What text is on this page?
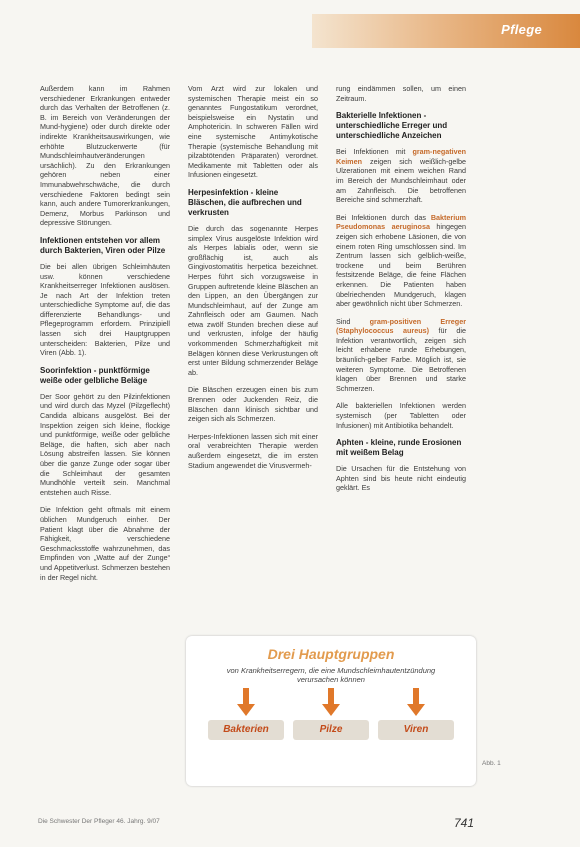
Pflege

Außerdem kann im Rahmen verschiedener Erkrankungen entweder durch das Verhalten der Betroffenen (z. B. im Bereich von Veränderungen der Mund-hygiene) oder durch direkte oder indirekte Krankheitsauswirkungen, wie erhöhte Blutzuckerwerte (für Mundschleimhautveränderungen ursächlich). Zu den Erkrankungen gehören neben einer Immunabwehrschwäche, die durch verschiedene Faktoren bedingt sein kann, auch andere Tumorerkrankungen, Demenz, Morbus Parkinson und depressive Störungen.

Infektionen entstehen vor allem durch Bakterien, Viren oder Pilze

Die bei allen übrigen Schleimhäuten usw. können verschiedene Krankheitserreger Infektionen auslösen. Je nach Art der Infektion treten unterschiedliche Symptome auf, die das differenzierte Behandlungs- und Pflegeprogramm erfordern. Prinzipiell lassen sich drei Hauptgruppen unterscheiden: Bakterien, Pilze und Viren (Abb. 1).

Soorinfektion - punktförmige weiße oder gelbliche Beläge

Der Soor gehört zu den Pilzinfektionen und wird durch das Myzel (Pilzgeflecht) Candida albicans ausgelöst. Bei der Inspektion zeigen sich kleine, flockige und punktförmige, weiße oder gelbliche Beläge, die haften, sich aber nach Lösung abstreifen lassen. Sie können über die ganze Zunge oder sogar über die Schleimhaut der gesamten Mundhöhle verteilt sein. Manchmal entstehen auch Risse.

Die Infektion geht oftmals mit einem üblichen Mundgeruch einher. Der Patient klagt über die Abnahme der Fähigkeit, verschiedene Geschmacksstoffe wahrzunehmen, das Empfinden von „Watte auf der Zunge“ und Appetitverlust. Schmerzen bestehen in der Regel nicht.

Vom Arzt wird zur lokalen und systemischen Therapie meist ein so genanntes Fungostatikum verordnet, beispielsweise ein Nystatin und Amphotericin. In schweren Fällen wird eine systemische Antimykotische Therapie (systemische Behandlung mit pilzabtötenden Präparaten) verordnet. Medikamente mit Tabletten oder als Infusionen eingesetzt.

Herpesinfektion - kleine Bläschen, die aufbrechen und verkrusten

Die durch das sogenannte Herpes simplex Virus ausgelöste Infektion wird als Herpes labialis oder, wenn sie großflächig ist, auch als Gingivostomatitis herpetica bezeichnet. Herpes führt sich vorzugsweise in Gruppen auftretende kleine Bläschen an den Lippen, an den Übergängen zur Mundschleimhaut, auf der Zunge am Zahnfleisch oder am Gaumen. Nach etwa zwölf Stunden brechen diese auf und verkrusten, infolge der häufig vorkommenden Schmerzhaftigkeit mit Belägen können diese Verkrustungen oft erst unter Bildung schmerzender Beläge ab.

Die Bläschen erzeugen einen bis zum Brennen oder Juckenden Reiz, die Bläschen dann klinisch sichtbar und zeigen sich als Schmerzen.

Herpes-Infektionen lassen sich mit einer oral verabreichten Therapie werden außerdem eingesetzt, die im ersten Stadium angewendet die Virusvermeh-

rung eindämmen sollen, um einen Zeitraum.

Bakterielle Infektionen - unterschiedliche Erreger und unterschiedliche Anzeichen

Bei Infektionen mit gram-negativen Keimen zeigen sich weißlich-gelbe Ulzerationen mit einem weichen Rand im Bereich der Mundschleimhaut oder am Zahnfleisch. Die betroffenen Bereiche sind schmerzhaft.

Bei Infektionen durch das Bakterium Pseudomonas aeruginosa hingegen zeigen sich erhobene Läsionen, die von einem roten Ring umschlossen sind. Im Zentrum lassen sich gelblich-weiße, trockene und beim Berühren festsitzende Beläge, die feine Flächen erkennen. Die Patienten haben übelriechenden Mundgeruch, klagen aber gewöhnlich nicht über Schmerzen.

Sind gram-positiven Erreger (Staphylococcus aureus) für die Infektion verantwortlich, zeigen sich leicht erhabene runde Erhebungen, bräunlich-gelber Farbe. Möglich ist, sie weiteren Symptome. Die Betroffenen klagen über Brennen und starke Schmerzen.

Alle bakteriellen Infektionen werden systemisch (per Tabletten oder Infusionen) mit Antibiotika behandelt.

Aphten - kleine, runde Erosionen mit weißem Belag

Die Ursachen für die Entstehung von Aphten sind bis heute nicht eindeutig geklärt. Es

Drei Hauptgruppen
von Krankheitserregern, die eine Mundschleimhautentzündung verursachen können
Bakterien	Pilze	Viren
Abb. 1
Die Schwester Der Pfleger 46. Jahrg. 9/07	741
